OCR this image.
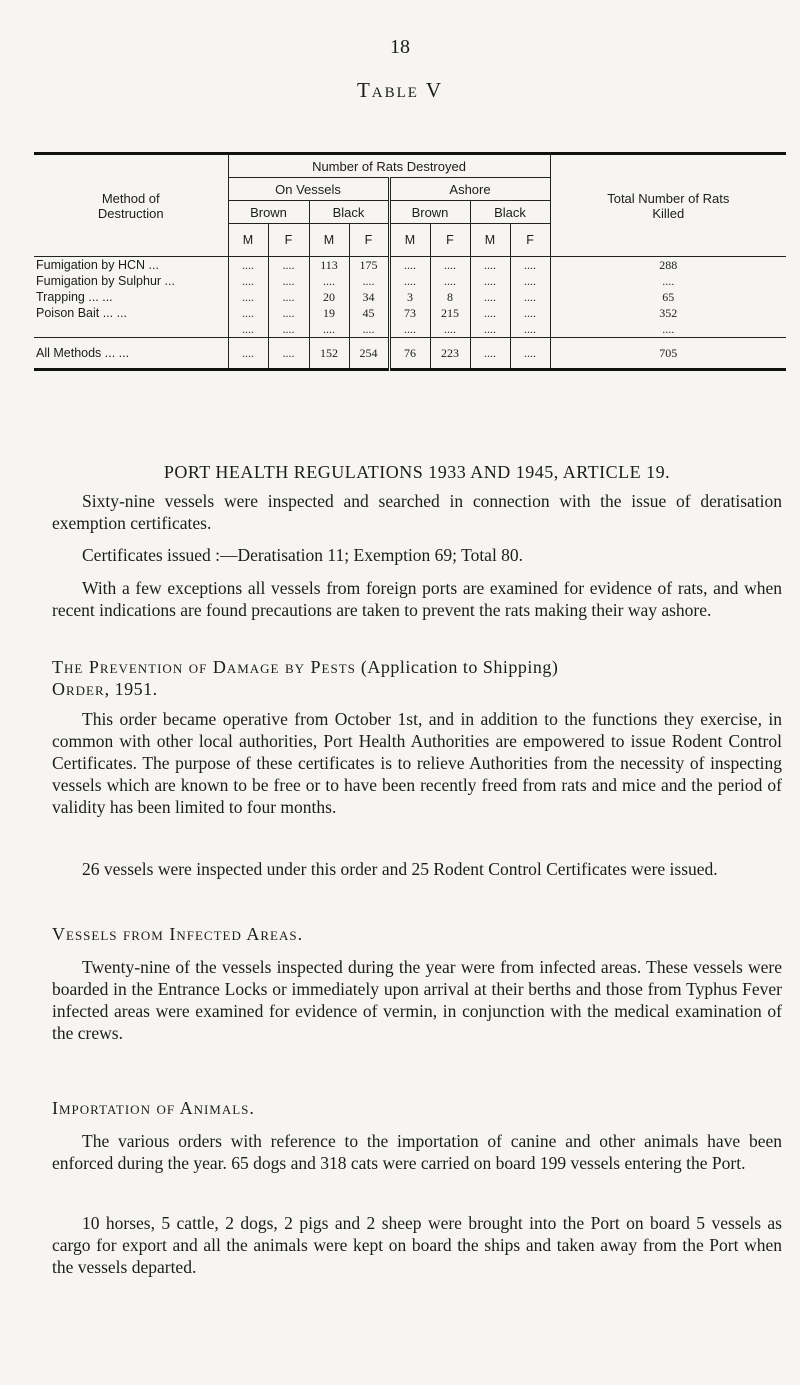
18
Table V
Method of Destruction	Number of Rats Destroyed								Total Number of Rats Killed
	On Vessels				Ashore				
	Brown		Black		Brown		Black		
	M	F	M	F	M	F	M	F	
Fumigation by HCN ...	....	....	113	175	....	....	....	....	288
Fumigation by Sulphur ...	....	....	....	....	....	....	....	....	....
Trapping ... ...	....	....	20	34	3	8	....	....	65
Poison Bait ... ...	....	....	19	45	73	215	....	....	352
	....	....	....	....	....	....	....	....	....
All Methods ... ...	....	....	152	254	76	223	....	....	705
PORT HEALTH REGULATIONS 1933 AND 1945, ARTICLE 19.
Sixty-nine vessels were inspected and searched in connection with the issue of deratisation exemption certificates.
Certificates issued :—Deratisation 11; Exemption 69; Total 80.
With a few exceptions all vessels from foreign ports are examined for evidence of rats, and when recent indications are found precautions are taken to prevent the rats making their way ashore.
The Prevention of Damage by Pests (Application to Shipping)
Order, 1951.
This order became operative from October 1st, and in addition to the functions they exercise, in common with other local authorities, Port Health Authorities are empowered to issue Rodent Control Certificates. The purpose of these certificates is to relieve Authorities from the necessity of inspecting vessels which are known to be free or to have been recently freed from rats and mice and the period of validity has been limited to four months.
26 vessels were inspected under this order and 25 Rodent Control Certificates were issued.
Vessels from Infected Areas.
Twenty-nine of the vessels inspected during the year were from infected areas. These vessels were boarded in the Entrance Locks or immediately upon arrival at their berths and those from Typhus Fever infected areas were examined for evidence of vermin, in conjunction with the medical examination of the crews.
Importation of Animals.
The various orders with reference to the importation of canine and other animals have been enforced during the year. 65 dogs and 318 cats were carried on board 199 vessels entering the Port.
10 horses, 5 cattle, 2 dogs, 2 pigs and 2 sheep were brought into the Port on board 5 vessels as cargo for export and all the animals were kept on board the ships and taken away from the Port when the vessels departed.
